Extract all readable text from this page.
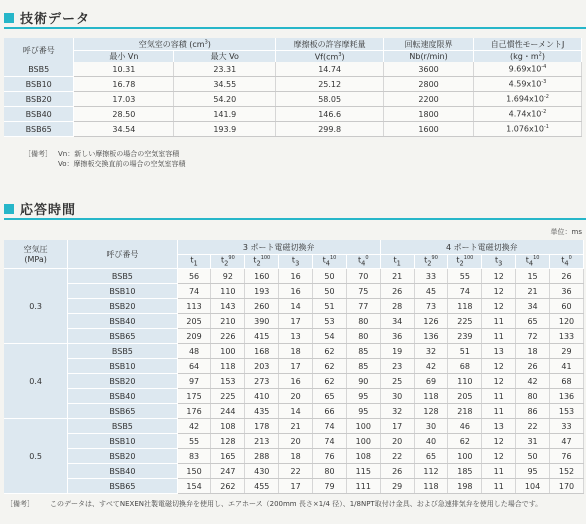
技術データ
呼び番号	空気室の容積 $(cm^3)$		摩擦板の許容摩耗量	回転速度限界	自己慣性モーメントJ
	最小 Vn	最大 Vo	$Vf(cm^3)$	Nb(r/min)	(kg・$m^2$)
BSB5	10.31	23.31	14.74	3600	$9.69x10^{-4}$
BSB10	16.78	34.55	25.12	2800	$4.59x10^{-3}$
BSB20	17.03	54.20	58.05	2200	$1.694x10^{-2}$
BSB40	28.50	141.9	146.6	1800	$4.74x10^{-2}$
BSB65	34.54	193.9	299.8	1600	$1.076x10^{-1}$
［備考］ Vn：新しい摩擦板の場合の空気室容積
Vo：摩擦板交換直前の場合の空気室容積
応答時間
単位：ms
空気圧
(MPa)	呼び番号	3 ポート電磁切換弁						4 ポート電磁切換弁					
		$t_1$	$t_2^{90}$	$t_2^{100}$	$t_3$	$t_4^{10}$	$t_4^0$	$t_1$	$t_2^{90}$	$t_2^{100}$	$t_3$	$t_4^{10}$	$t_4^0$
0.3	BSB5	56	92	160	16	50	70	21	33	55	12	15	26
	BSB10	74	110	193	16	50	75	26	45	74	12	21	36
	BSB20	113	143	260	14	51	77	28	73	118	12	34	60
	BSB40	205	210	390	17	53	80	34	126	225	11	65	120
	BSB65	209	226	415	13	54	80	36	136	239	11	72	133
0.4	BSB5	48	100	168	18	62	85	19	32	51	13	18	29
	BSB10	64	118	203	17	62	85	23	42	68	12	26	41
	BSB20	97	153	273	16	62	90	25	69	110	12	42	68
	BSB40	175	225	410	20	65	95	30	118	205	11	80	136
	BSB65	176	244	435	14	66	95	32	128	218	11	86	153
0.5	BSB5	42	108	178	21	74	100	17	30	46	13	22	33
	BSB10	55	128	213	20	74	100	20	40	62	12	31	47
	BSB20	83	165	288	18	76	108	22	65	100	12	50	76
	BSB40	150	247	430	22	80	115	26	112	185	11	95	152
	BSB65	154	262	455	17	79	111	29	118	198	11	104	170
［備考］	このデータは、すべてNEXEN社製電磁切換弁を使用し、エアホース（200mm 長さ×1/4 径）、1/8NPT取付け金具、および急速排気弁を使用した場合です。
